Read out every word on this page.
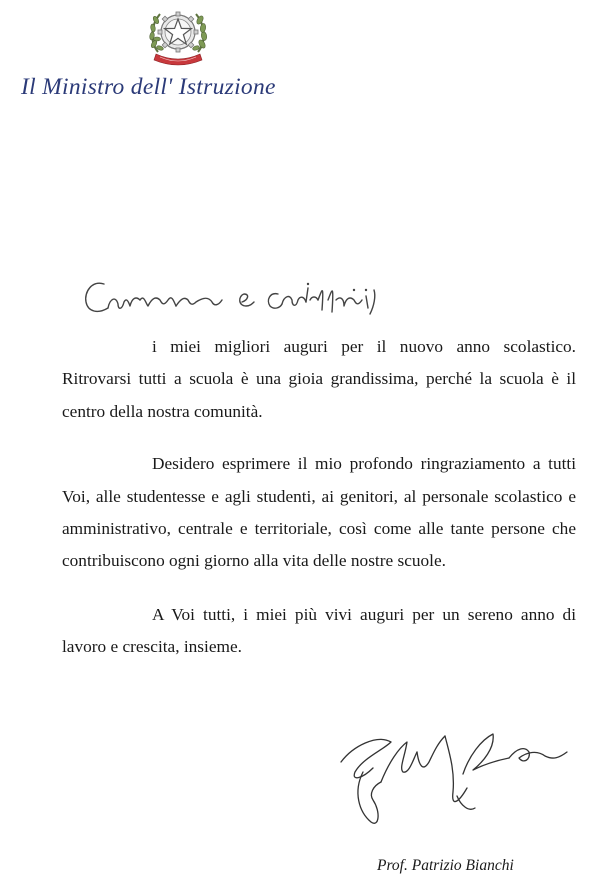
Il Ministro dell' Istruzione

i miei migliori auguri per il nuovo anno scolastico. Ritrovarsi tutti a scuola è una gioia grandissima, perché la scuola è il centro della nostra comunità.

Desidero esprimere il mio profondo ringraziamento a tutti Voi, alle studentesse e agli studenti, ai genitori, al personale scolastico e amministrativo, centrale e territoriale, così come alle tante persone che contribuiscono ogni giorno alla vita delle nostre scuole.

A Voi tutti, i miei più vivi auguri per un sereno anno di lavoro e crescita, insieme.

Prof. Patrizio Bianchi
